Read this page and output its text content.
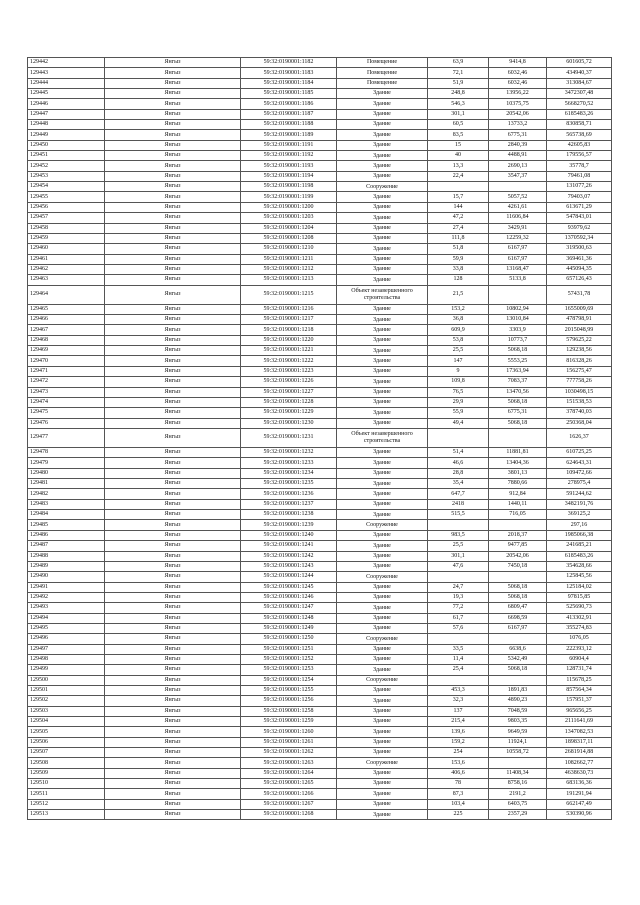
129442	Янгыз	59:32:0190001:1182	Помещение	63,9	9414,8	601605,72
129443	Янгыз	59:32:0190001:1183	Помещение	72,1	6032,46	434940,37
129444	Янгыз	59:32:0190001:1184	Помещение	51,9	6032,46	313084,67
129445	Янгыз	59:32:0190001:1185	Здание	248,8	13956,22	3472307,48
129446	Янгыз	59:32:0190001:1186	Здание	546,3	10375,75	5668270,52
129447	Янгыз	59:32:0190001:1187	Здание	301,1	20542,06	6185483,26
129448	Янгыз	59:32:0190001:1188	Здание	60,5	13733,2	830858,71
129449	Янгыз	59:32:0190001:1189	Здание	83,5	6775,31	565738,69
129450	Янгыз	59:32:0190001:1191	Здание	15	2840,39	42605,83
129451	Янгыз	59:32:0190001:1192	Здание	40	4488,91	179556,57
129452	Янгыз	59:32:0190001:1193	Здание	13,3	2690,13	35778,7
129453	Янгыз	59:32:0190001:1194	Здание	22,4	3547,37	79461,08
129454	Янгыз	59:32:0190001:1198	Сооружение			131077,26
129455	Янгыз	59:32:0190001:1199	Здание	15,7	5057,52	79403,07
129456	Янгыз	59:32:0190001:1200	Здание	144	4261,61	613671,29
129457	Янгыз	59:32:0190001:1203	Здание	47,2	11606,84	547843,01
129458	Янгыз	59:32:0190001:1204	Здание	27,4	3429,91	93979,62
129459	Янгыз	59:32:0190001:1208	Здание	111,8	12259,32	1370592,34
129460	Янгыз	59:32:0190001:1210	Здание	51,8	6167,97	319500,63
129461	Янгыз	59:32:0190001:1211	Здание	59,9	6167,97	369461,36
129462	Янгыз	59:32:0190001:1212	Здание	33,8	13168,47	445094,35
129463	Янгыз	59:32:0190001:1213	Здание	128	5133,8	657126,43
129464	Янгыз	59:32:0190001:1215	Объект незавершенного строительства	21,5		57431,78
129465	Янгыз	59:32:0190001:1216	Здание	153,2	10802,94	1655009,69
129466	Янгыз	59:32:0190001:1217	Здание	36,8	13010,84	478798,91
129467	Янгыз	59:32:0190001:1218	Здание	609,9	3303,9	2015048,99
129468	Янгыз	59:32:0190001:1220	Здание	53,8	10773,7	579625,22
129469	Янгыз	59:32:0190001:1221	Здание	25,5	5068,18	129238,56
129470	Янгыз	59:32:0190001:1222	Здание	147	5553,25	816328,26
129471	Янгыз	59:32:0190001:1223	Здание	9	17363,94	156275,47
129472	Янгыз	59:32:0190001:1226	Здание	109,8	7083,37	777758,26
129473	Янгыз	59:32:0190001:1227	Здание	76,5	13470,56	1030498,15
129474	Янгыз	59:32:0190001:1228	Здание	29,9	5068,18	151538,53
129475	Янгыз	59:32:0190001:1229	Здание	55,9	6775,31	378740,03
129476	Янгыз	59:32:0190001:1230	Здание	49,4	5068,18	250368,04
129477	Янгыз	59:32:0190001:1231	Объект незавершенного строительства			1626,37
129478	Янгыз	59:32:0190001:1232	Здание	51,4	11881,81	610725,25
129479	Янгыз	59:32:0190001:1233	Здание	46,6	13404,36	624643,31
129480	Янгыз	59:32:0190001:1234	Здание	28,8	3801,13	109472,66
129481	Янгыз	59:32:0190001:1235	Здание	35,4	7880,66	278975,4
129482	Янгыз	59:32:0190001:1236	Здание	647,7	912,84	591244,62
129483	Янгыз	59:32:0190001:1237	Здание	2418	1440,11	3482191,76
129484	Янгыз	59:32:0190001:1238	Здание	515,5	716,05	369125,2
129485	Янгыз	59:32:0190001:1239	Сооружение			297,16
129486	Янгыз	59:32:0190001:1240	Здание	983,5	2018,37	1985066,38
129487	Янгыз	59:32:0190001:1241	Здание	25,5	9477,85	241685,21
129488	Янгыз	59:32:0190001:1242	Здание	301,1	20542,06	6185483,26
129489	Янгыз	59:32:0190001:1243	Здание	47,6	7450,18	354628,66
129490	Янгыз	59:32:0190001:1244	Сооружение			125845,56
129491	Янгыз	59:32:0190001:1245	Здание	24,7	5068,18	125184,02
129492	Янгыз	59:32:0190001:1246	Здание	19,3	5068,18	97815,85
129493	Янгыз	59:32:0190001:1247	Здание	77,2	6809,47	525690,73
129494	Янгыз	59:32:0190001:1248	Здание	61,7	6698,59	413302,91
129495	Янгыз	59:32:0190001:1249	Здание	57,6	6167,97	355274,83
129496	Янгыз	59:32:0190001:1250	Сооружение			1076,05
129497	Янгыз	59:32:0190001:1251	Здание	33,5	6638,6	222393,12
129498	Янгыз	59:32:0190001:1252	Здание	11,4	5342,49	60904,4
129499	Янгыз	59:32:0190001:1253	Здание	25,4	5068,18	128731,74
129500	Янгыз	59:32:0190001:1254	Сооружение			115678,25
129501	Янгыз	59:32:0190001:1255	Здание	453,3	1891,83	857564,34
129502	Янгыз	59:32:0190001:1256	Здание	32,3	4890,23	157951,37
129503	Янгыз	59:32:0190001:1258	Здание	137	7048,59	965656,25
129504	Янгыз	59:32:0190001:1259	Здание	215,4	9803,35	2111641,69
129505	Янгыз	59:32:0190001:1260	Здание	139,6	9649,59	1347082,53
129506	Янгыз	59:32:0190001:1261	Здание	159,2	11924,1	1898317,11
129507	Янгыз	59:32:0190001:1262	Здание	254	10558,72	2681914,88
129508	Янгыз	59:32:0190001:1263	Сооружение	153,6		1082662,77
129509	Янгыз	59:32:0190001:1264	Здание	406,6	11408,34	4638630,73
129510	Янгыз	59:32:0190001:1265	Здание	78	8758,16	683136,36
129511	Янгыз	59:32:0190001:1266	Здание	87,3	2191,2	191291,94
129512	Янгыз	59:32:0190001:1267	Здание	103,4	6403,75	662147,49
129513	Янгыз	59:32:0190001:1268	Здание	225	2357,29	530390,96
